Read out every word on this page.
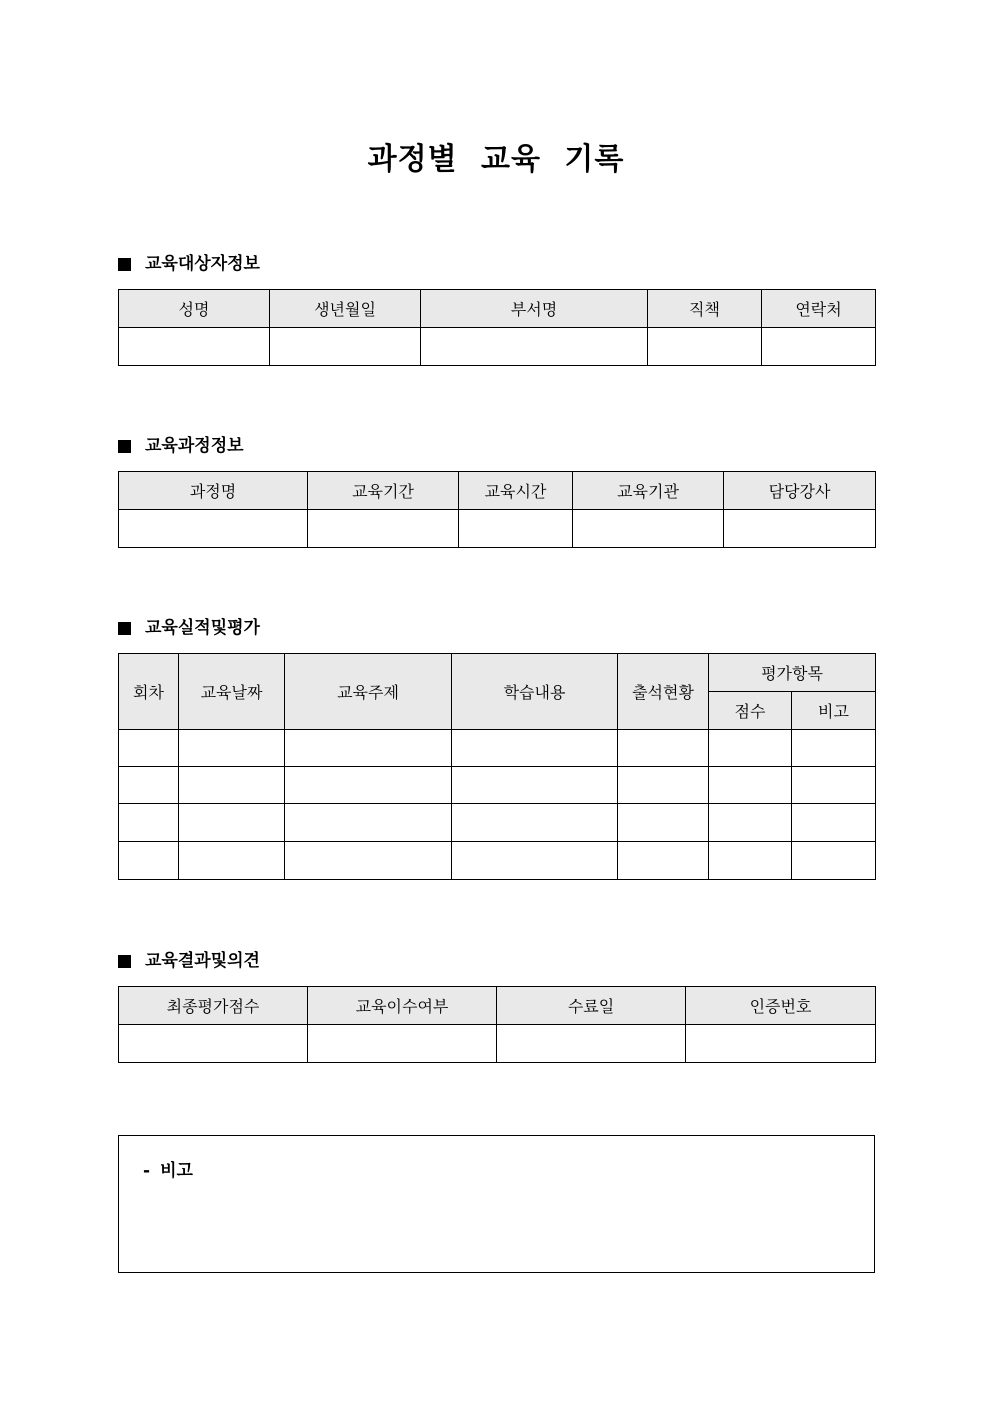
과정별 교육 기록
교육대상자정보
성명	생년월일	부서명	직책	연락처

교육과정정보
과정명	교육기간	교육시간	교육기관	담당강사

교육실적및평가
회차	교육날짜	교육주제	학습내용	출석현황	평가항목	
					점수	비고

교육결과및의견
최종평가점수	교육이수여부	수료일	인증번호

- 비고
